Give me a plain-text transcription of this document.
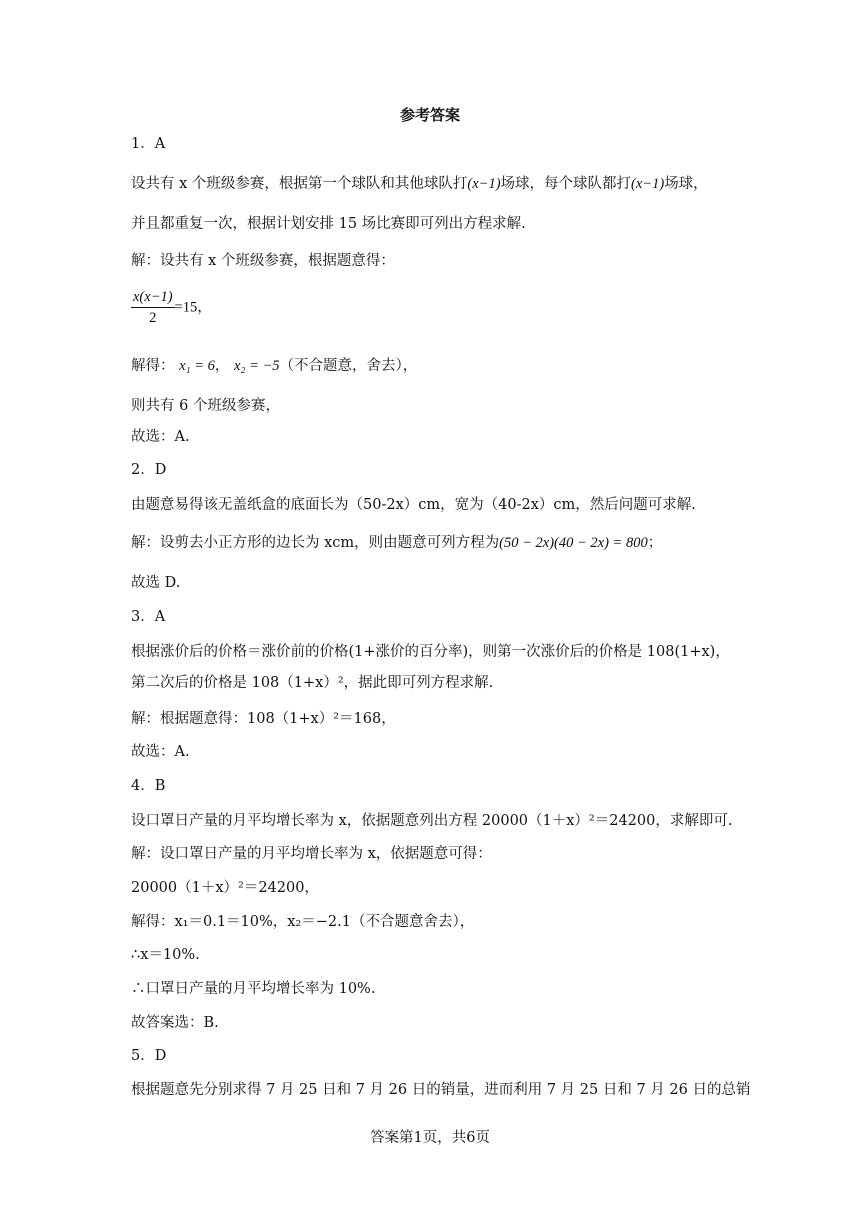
参考答案
1．A
设共有 x 个班级参赛，根据第一个球队和其他球队打(x−1)场球，每个球队都打(x−1)场球，
并且都重复一次，根据计划安排 15 场比赛即可列出方程求解.
解：设共有 x 个班级参赛，根据题意得：
$\frac{x(x-1)}{2} =15$，
解得： x₁ = 6， x₂ = −5（不合题意，舍去），
则共有 6 个班级参赛，
故选：A.
2．D
由题意易得该无盖纸盒的底面长为（50-2x）cm，宽为（40-2x）cm，然后问题可求解.
解：设剪去小正方形的边长为 xcm，则由题意可列方程为(50 − 2x)(40 − 2x) = 800；
故选 D.
3．A
根据涨价后的价格＝涨价前的价格(1+涨价的百分率)，则第一次涨价后的价格是 108(1+x)，
第二次后的价格是 108（1+x）²，据此即可列方程求解.
解：根据题意得：108（1+x）²＝168，
故选：A.
4．B
设口罩日产量的月平均增长率为 x，依据题意列出方程 20000（1＋x）²＝24200，求解即可.
解：设口罩日产量的月平均增长率为 x，依据题意可得：
20000（1＋x）²＝24200，
解得：x₁＝0.1＝10%，x₂＝−2.1（不合题意舍去），
∴x＝10%.
∴口罩日产量的月平均增长率为 10%.
故答案选：B.
5．D
根据题意先分别求得 7 月 25 日和 7 月 26 日的销量，进而利用 7 月 25 日和 7 月 26 日的总销
答案第1页，共6页
